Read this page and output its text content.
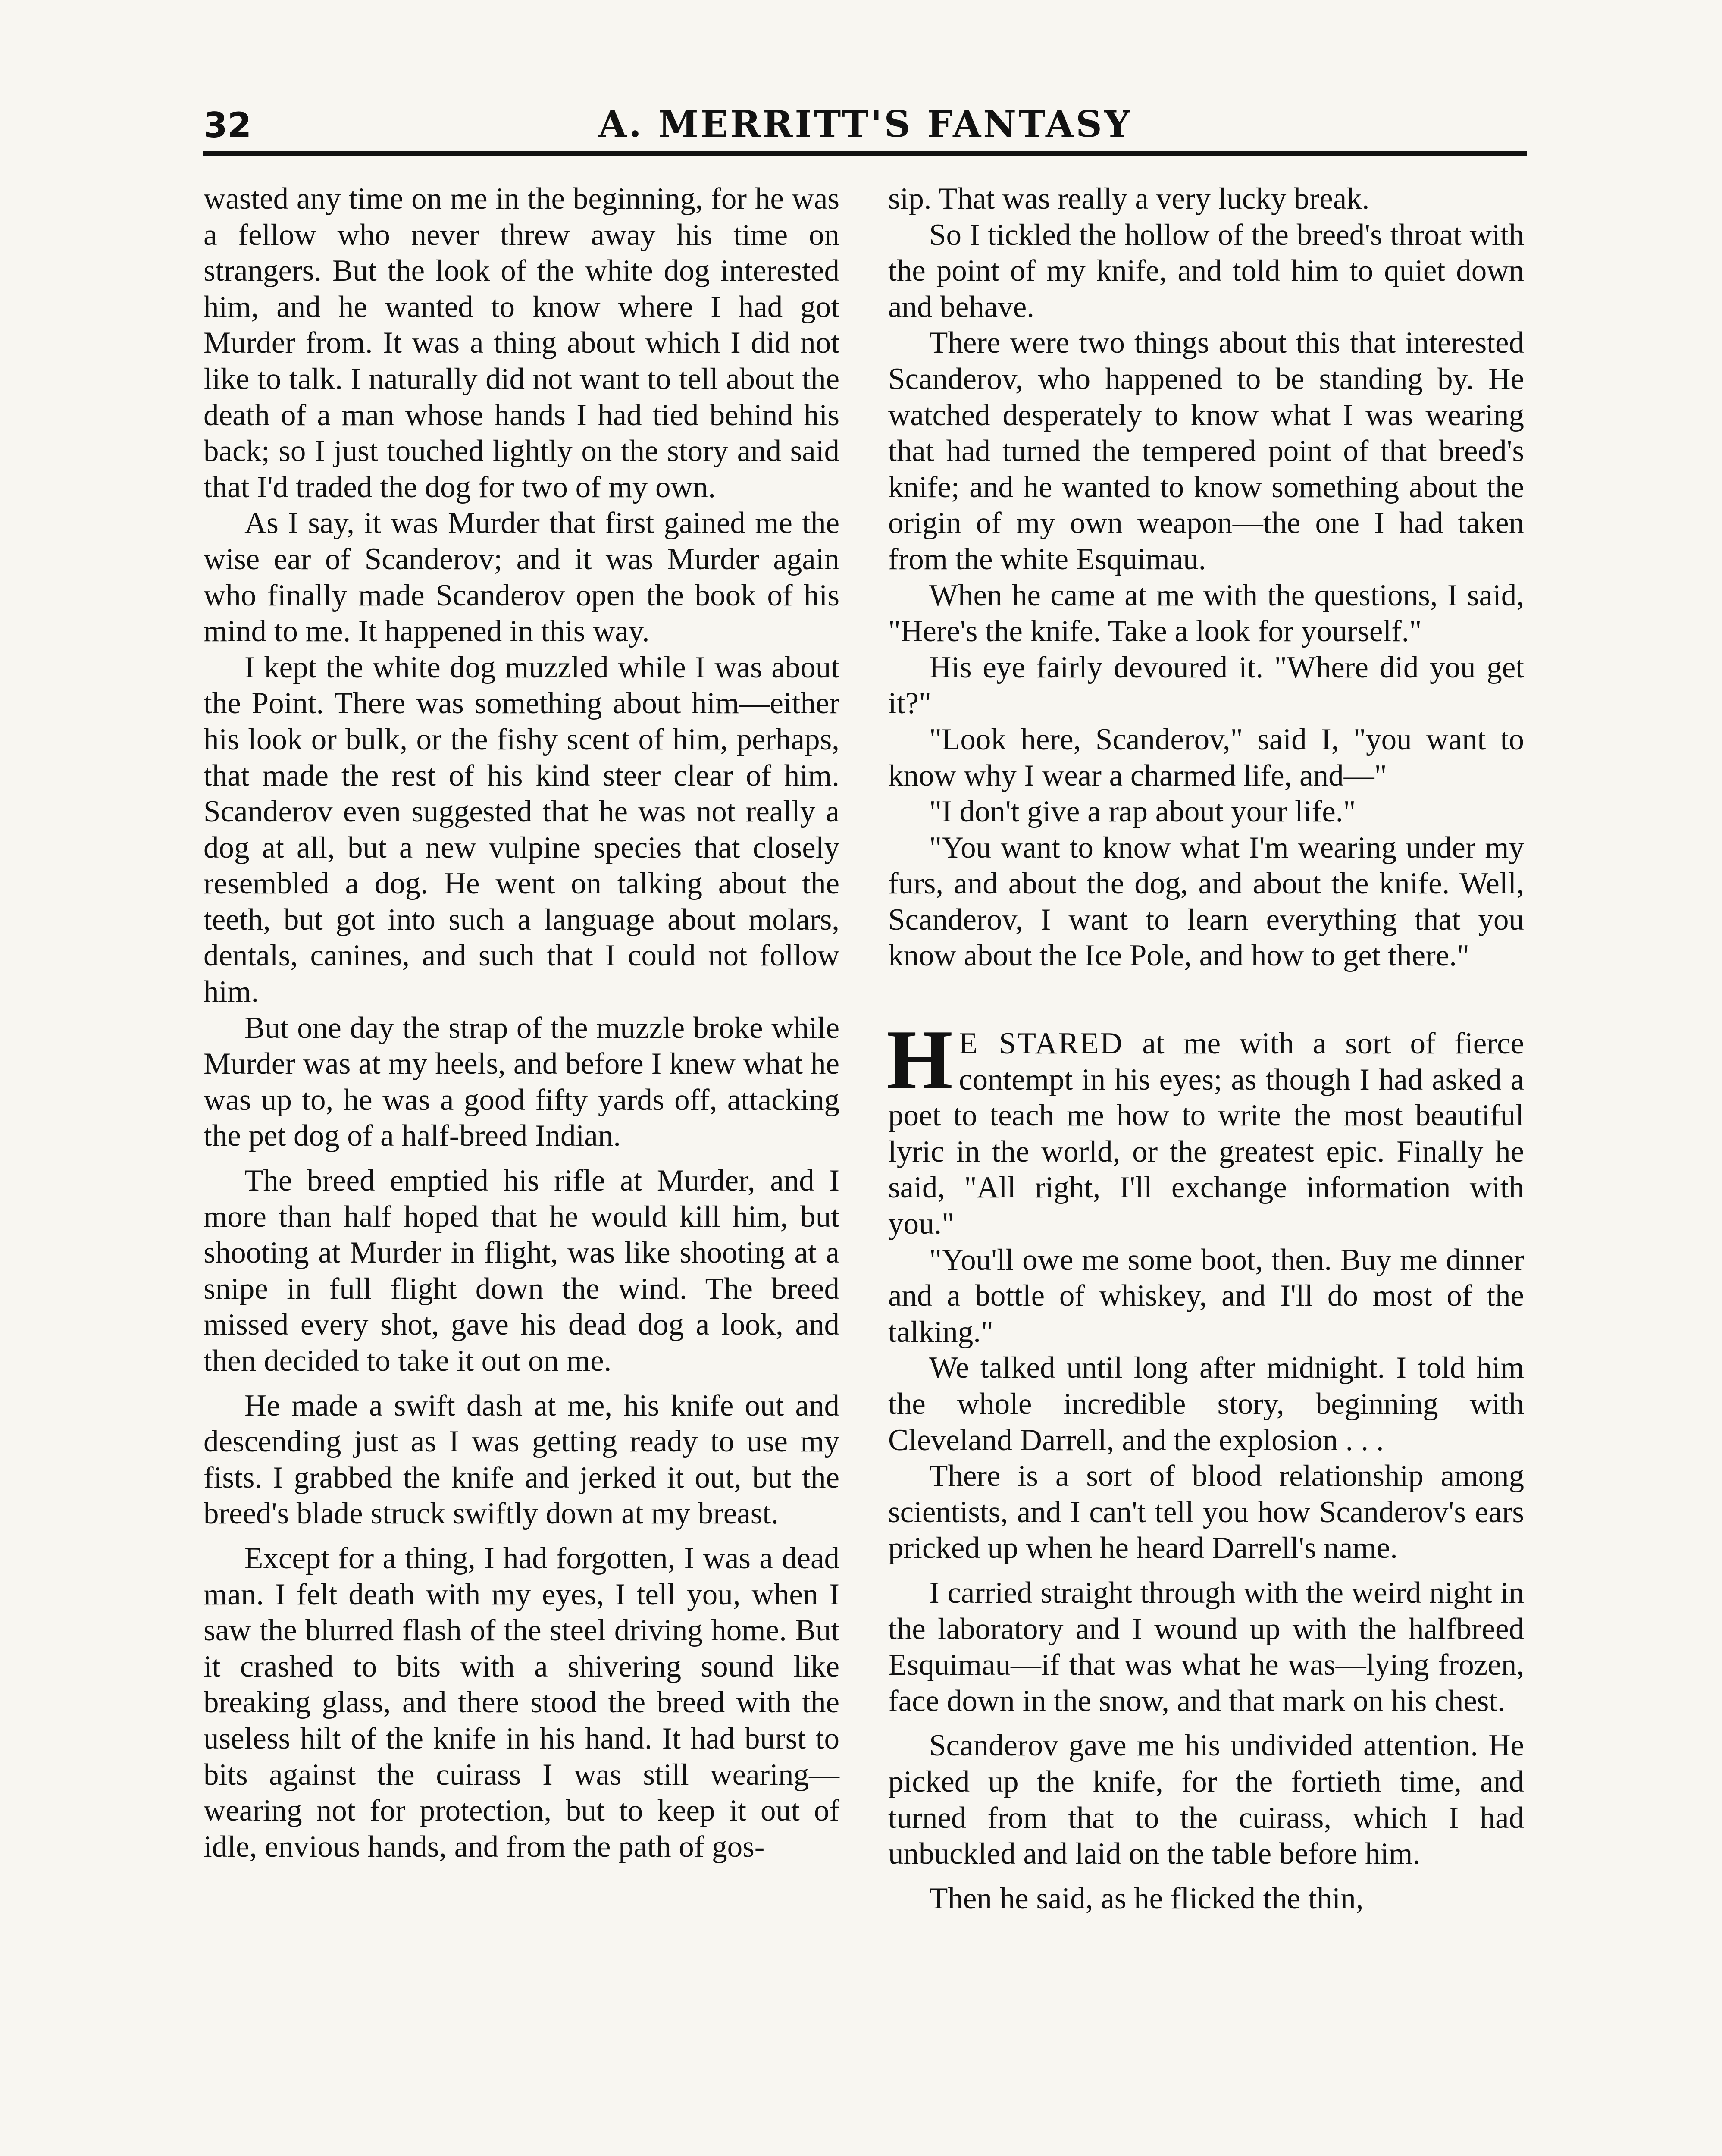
32	A. MERRITT'S FANTASY

wasted any time on me in the beginning, for he was a fellow who never threw away his time on strangers. But the look of the white dog interested him, and he wanted to know where I had got Murder from. It was a thing about which I did not like to talk. I naturally did not want to tell about the death of a man whose hands I had tied behind his back; so I just touched lightly on the story and said that I'd traded the dog for two of my own.

As I say, it was Murder that first gained me the wise ear of Scanderov; and it was Murder again who finally made Scanderov open the book of his mind to me. It happened in this way.

I kept the white dog muzzled while I was about the Point. There was something about him—either his look or bulk, or the fishy scent of him, perhaps, that made the rest of his kind steer clear of him. Scanderov even suggested that he was not really a dog at all, but a new vulpine species that closely resembled a dog. He went on talking about the teeth, but got into such a language about molars, dentals, canines, and such that I could not follow him.

But one day the strap of the muzzle broke while Murder was at my heels, and before I knew what he was up to, he was a good fifty yards off, attacking the pet dog of a half-breed Indian.

The breed emptied his rifle at Murder, and I more than half hoped that he would kill him, but shooting at Murder in flight, was like shooting at a snipe in full flight down the wind. The breed missed every shot, gave his dead dog a look, and then decided to take it out on me.

He made a swift dash at me, his knife out and descending just as I was getting ready to use my fists. I grabbed the knife and jerked it out, but the breed's blade struck swiftly down at my breast.

Except for a thing, I had forgotten, I was a dead man. I felt death with my eyes, I tell you, when I saw the blurred flash of the steel driving home. But it crashed to bits with a shivering sound like breaking glass, and there stood the breed with the useless hilt of the knife in his hand. It had burst to bits against the cuirass I was still wearing—wearing not for protection, but to keep it out of idle, envious hands, and from the path of gos-

sip. That was really a very lucky break.

So I tickled the hollow of the breed's throat with the point of my knife, and told him to quiet down and behave.

There were two things about this that interested Scanderov, who happened to be standing by. He watched desperately to know what I was wearing that had turned the tempered point of that breed's knife; and he wanted to know something about the origin of my own weapon—the one I had taken from the white Esquimau.

When he came at me with the questions, I said, "Here's the knife. Take a look for yourself."

His eye fairly devoured it. "Where did you get it?"

"Look here, Scanderov," said I, "you want to know why I wear a charmed life, and—"

"I don't give a rap about your life."

"You want to know what I'm wearing under my furs, and about the dog, and about the knife. Well, Scanderov, I want to learn everything that you know about the Ice Pole, and how to get there."

H E STARED at me with a sort of fierce contempt in his eyes; as though I had asked a poet to teach me how to write the most beautiful lyric in the world, or the greatest epic. Finally he said, "All right, I'll exchange information with you."

"You'll owe me some boot, then. Buy me dinner and a bottle of whiskey, and I'll do most of the talking."

We talked until long after midnight. I told him the whole incredible story, beginning with Cleveland Darrell, and the explosion . . .

There is a sort of blood relationship among scientists, and I can't tell you how Scanderov's ears pricked up when he heard Darrell's name.

I carried straight through with the weird night in the laboratory and I wound up with the halfbreed Esquimau—if that was what he was—lying frozen, face down in the snow, and that mark on his chest.

Scanderov gave me his undivided attention. He picked up the knife, for the fortieth time, and turned from that to the cuirass, which I had unbuckled and laid on the table before him.

Then he said, as he flicked the thin,
